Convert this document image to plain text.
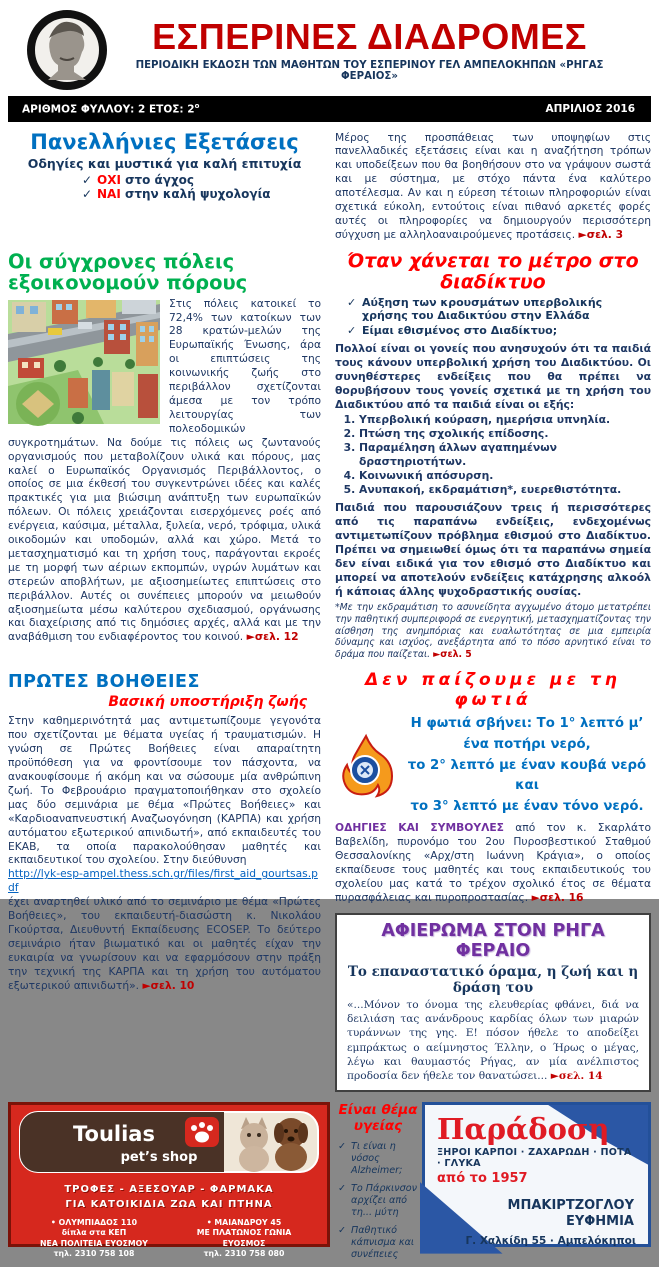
ΕΣΠΕΡΙΝΕΣ ΔΙΑΔΡΟΜΕΣ
ΠΕΡΙΟΔΙΚΗ ΕΚΔΟΣΗ ΤΩΝ ΜΑΘΗΤΩΝ ΤΟΥ ΕΣΠΕΡΙΝΟΥ ΓΕΛ ΑΜΠΕΛΟΚΗΠΩΝ «ΡΗΓΑΣ ΦΕΡΑΙΟΣ»
ΑΡΙΘΜΟΣ ΦΥΛΛΟΥ: 2 ΕΤΟΣ: $2^o$	ΑΠΡΙΛΙΟΣ 2016
Πανελλήνιες Εξετάσεις
Οδηγίες και μυστικά για καλή επιτυχία
✓ ΟΧΙ στο άγχος
✓ ΝΑΙ στην καλή ψυχολογία

Μέρος της προσπάθειας των υποψηφίων στις πανελλαδικές εξετάσεις είναι και η αναζήτηση τρόπων και υποδείξεων που θα βοηθήσουν στο να γράψουν σωστά και με σύστημα, με στόχο πάντα ένα καλύτερο αποτέλεσμα. Αν και η εύρεση τέτοιων πληροφοριών είναι σχετικά εύκολη, εντούτοις είναι πιθανό αρκετές φορές αυτές οι πληροφορίες να δημιουργούν περισσότερη σύγχυση με αλληλοαναιρούμενες προτάσεις. ►σελ. 3

Οι σύγχρονες πόλεις εξοικονομούν πόρους
Στις πόλεις κατοικεί το 72,4% των κατοίκων των 28 κρατών-μελών της Ευρωπαϊκής Ένωσης, άρα οι επιπτώσεις της κοινωνικής ζωής στο περιβάλλον σχετίζονται άμεσα με τον τρόπο λειτουργίας των πολεοδομικών συγκροτημάτων. Να δούμε τις πόλεις ως ζωντανούς οργανισμούς που μεταβολίζουν υλικά και πόρους, μας καλεί ο Ευρωπαϊκός Οργανισμός Περιβάλλοντος, ο οποίος σε μια έκθεσή του συγκεντρώνει ιδέες και καλές πρακτικές για μια βιώσιμη ανάπτυξη των ευρωπαϊκών πόλεων. Οι πόλεις χρειάζονται εισερχόμενες ροές από ενέργεια, καύσιμα, μέταλλα, ξυλεία, νερό, τρόφιμα, υλικά οικοδομών και υποδομών, αλλά και χώρο. Μετά το μετασχηματισμό και τη χρήση τους, παράγονται εκροές με τη μορφή των αέριων εκπομπών, υγρών λυμάτων και στερεών αποβλήτων, με αξιοσημείωτες επιπτώσεις στο περιβάλλον. Αυτές οι συνέπειες μπορούν να μειωθούν αξιοσημείωτα μέσω καλύτερου σχεδιασμού, οργάνωσης και διαχείρισης από τις δημόσιες αρχές, αλλά και με την αναβάθμιση του ενδιαφέροντος του κοινού. ►σελ. 12
Όταν χάνεται το μέτρο στο διαδίκτυο
✓ Αύξηση των κρουσμάτων υπερβολικής χρήσης του Διαδικτύου στην Ελλάδα
✓ Είμαι εθισμένος στο Διαδίκτυο;

Πολλοί είναι οι γονείς που ανησυχούν ότι τα παιδιά τους κάνουν υπερβολική χρήση του Διαδικτύου. Οι συνηθέστερες ενδείξεις που θα πρέπει να θορυβήσουν τους γονείς σχετικά με τη χρήση του Διαδικτύου από τα παιδιά είναι οι εξής:

1. Υπερβολική κούραση, ημερήσια υπνηλία.
2. Πτώση της σχολικής επίδοσης.
3. Παραμέληση άλλων αγαπημένων δραστηριοτήτων.
4. Κοινωνική απόσυρση.
5. Ανυπακοή, εκδραμάτιση*, ευερεθιστότητα.

Παιδιά που παρουσιάζουν τρεις ή περισσότερες από τις παραπάνω ενδείξεις, ενδεχομένως αντιμετωπίζουν πρόβλημα εθισμού στο Διαδίκτυο. Πρέπει να σημειωθεί όμως ότι τα παραπάνω σημεία δεν είναι ειδικά για τον εθισμό στο Διαδίκτυο και μπορεί να αποτελούν ενδείξεις κατάχρησης αλκοόλ ή κάποιας άλλης ψυχοδραστικής ουσίας.

*Με την εκδραμάτιση το ασυνείδητα αγχωμένο άτομο μετατρέπει την παθητική συμπεριφορά σε ενεργητική, μετασχηματίζοντας την αίσθηση της ανημπόριας και ευαλωτότητας σε μια εμπειρία δύναμης και ισχύος, ανεξάρτητα από το πόσο αρνητικό είναι το δράμα που παίζεται. ►σελ. 5
ΠΡΩΤΕΣ ΒΟΗΘΕΙΕΣ
Βασική υποστήριξη ζωής

Στην καθημερινότητά μας αντιμετωπίζουμε γεγονότα που σχετίζονται με θέματα υγείας ή τραυματισμών. Η γνώση σε Πρώτες Βοήθειες είναι απαραίτητη προϋπόθεση για να φροντίσουμε τον πάσχοντα, να ανακουφίσουμε ή ακόμη και να σώσουμε μία ανθρώπινη ζωή. Το Φεβρουάριο πραγματοποιήθηκαν στο σχολείο μας δύο σεμινάρια με θέμα «Πρώτες Βοήθειες» και «Καρδιοαναπνευστική Αναζωογόνηση (ΚΑΡΠΑ) και χρήση αυτόματου εξωτερικού απινιδωτή», από εκπαιδευτές του ΕΚΑΒ, τα οποία παρακολούθησαν μαθητές και εκπαιδευτικοί του σχολείου. Στην διεύθυνση
http://lyk-esp-ampel.thess.sch.gr/files/first_aid_gourtsas.pdf
έχει αναρτηθεί υλικό από το σεμινάριο με θέμα «Πρώτες Βοήθειες», του εκπαιδευτή-διασώστη κ. Νικολάου Γκούρτσα, Διευθυντή Εκπαίδευσης ECOSEP. Το δεύτερο σεμινάριο ήταν βιωματικό και οι μαθητές είχαν την ευκαιρία να γνωρίσουν και να εφαρμόσουν στην πράξη την τεχνική της ΚΑΡΠΑ και τη χρήση του αυτόματου εξωτερικού απινιδωτή». ►σελ. 10

Δεν παίζουμε με τη φωτιά
Η φωτιά σβήνει: Το 1° λεπτό μ’ ένα ποτήρι νερό,
το 2° λεπτό με έναν κουβά νερό και
το 3° λεπτό με έναν τόνο νερό.

ΟΔΗΓΙΕΣ ΚΑΙ ΣΥΜΒΟΥΛΕΣ από τον κ. Σκαρλάτο Βαβελίδη, πυρονόμο του 2ου Πυροσβεστικού Σταθμού Θεσσαλονίκης «Αρχ/στη Ιωάννη Κράγια», ο οποίος εκπαίδευσε τους μαθητές και τους εκπαιδευτικούς του σχολείου μας κατά το τρέχον σχολικό έτος σε θέματα πυρασφάλειας και πυροπροστασίας. ►σελ. 16

ΑΦΙΕΡΩΜΑ ΣΤΟΝ ΡΗΓΑ ΦΕΡΑΙΟ
Το επαναστατικό όραμα, η ζωή και η δράση του
«...Μόνον το όνομα της ελευθερίας φθάνει, διά να δειλιάση τας ανάνδρους καρδίας όλων των μιαρών τυράννων της γης. Ε! πόσον ήθελε το αποδείξει εμπράκτως ο αείμνηστος Έλλην, ο Ήρως ο μέγας, λέγω και θαυμαστός Ρήγας, αν μία ανέλπιστος προδοσία δεν ήθελε τον θανατώσει... ►σελ. 14
Toulias
pet’s shop
ΤΡΟΦΕΣ - ΑΞΕΣΟΥΑΡ - ΦΑΡΜΑΚΑ
ΓΙΑ ΚΑΤΟΙΚΙΔΙΑ ΖΩΑ ΚΑΙ ΠΤΗΝΑ
• ΟΛΥΜΠΙΑΔΟΣ 110
δίπλα στα ΚΕΠ
ΝΕΑ ΠΟΛΙΤΕΙΑ ΕΥΟΣΜΟΥ
τηλ. 2310 758 108
• ΜΑΙΑΝΔΡΟΥ 45
ΜΕ ΠΛΑΤΩΝΟΣ ΓΩΝΙΑ
ΕΥΟΣΜΟΣ
τηλ. 2310 758 080
Είναι θέμα υγείας
✓ Τι είναι η νόσος Alzheimer;
✓ Το Πάρκινσον αρχίζει από τη... μύτη
✓ Παθητικό κάπνισμα και συνέπειες
Παράδοση
ΞΗΡΟΙ ΚΑΡΠΟΙ · ΖΑΧΑΡΩΔΗ · ΠΟΤΑ · ΓΛΥΚΑ
από το 1957
ΜΠΑΚΙΡΤΖΟΓΛΟΥ
ΕΥΦΗΜΙΑ
Γ. Χαλκίδη 55 · Αμπελόκηποι
